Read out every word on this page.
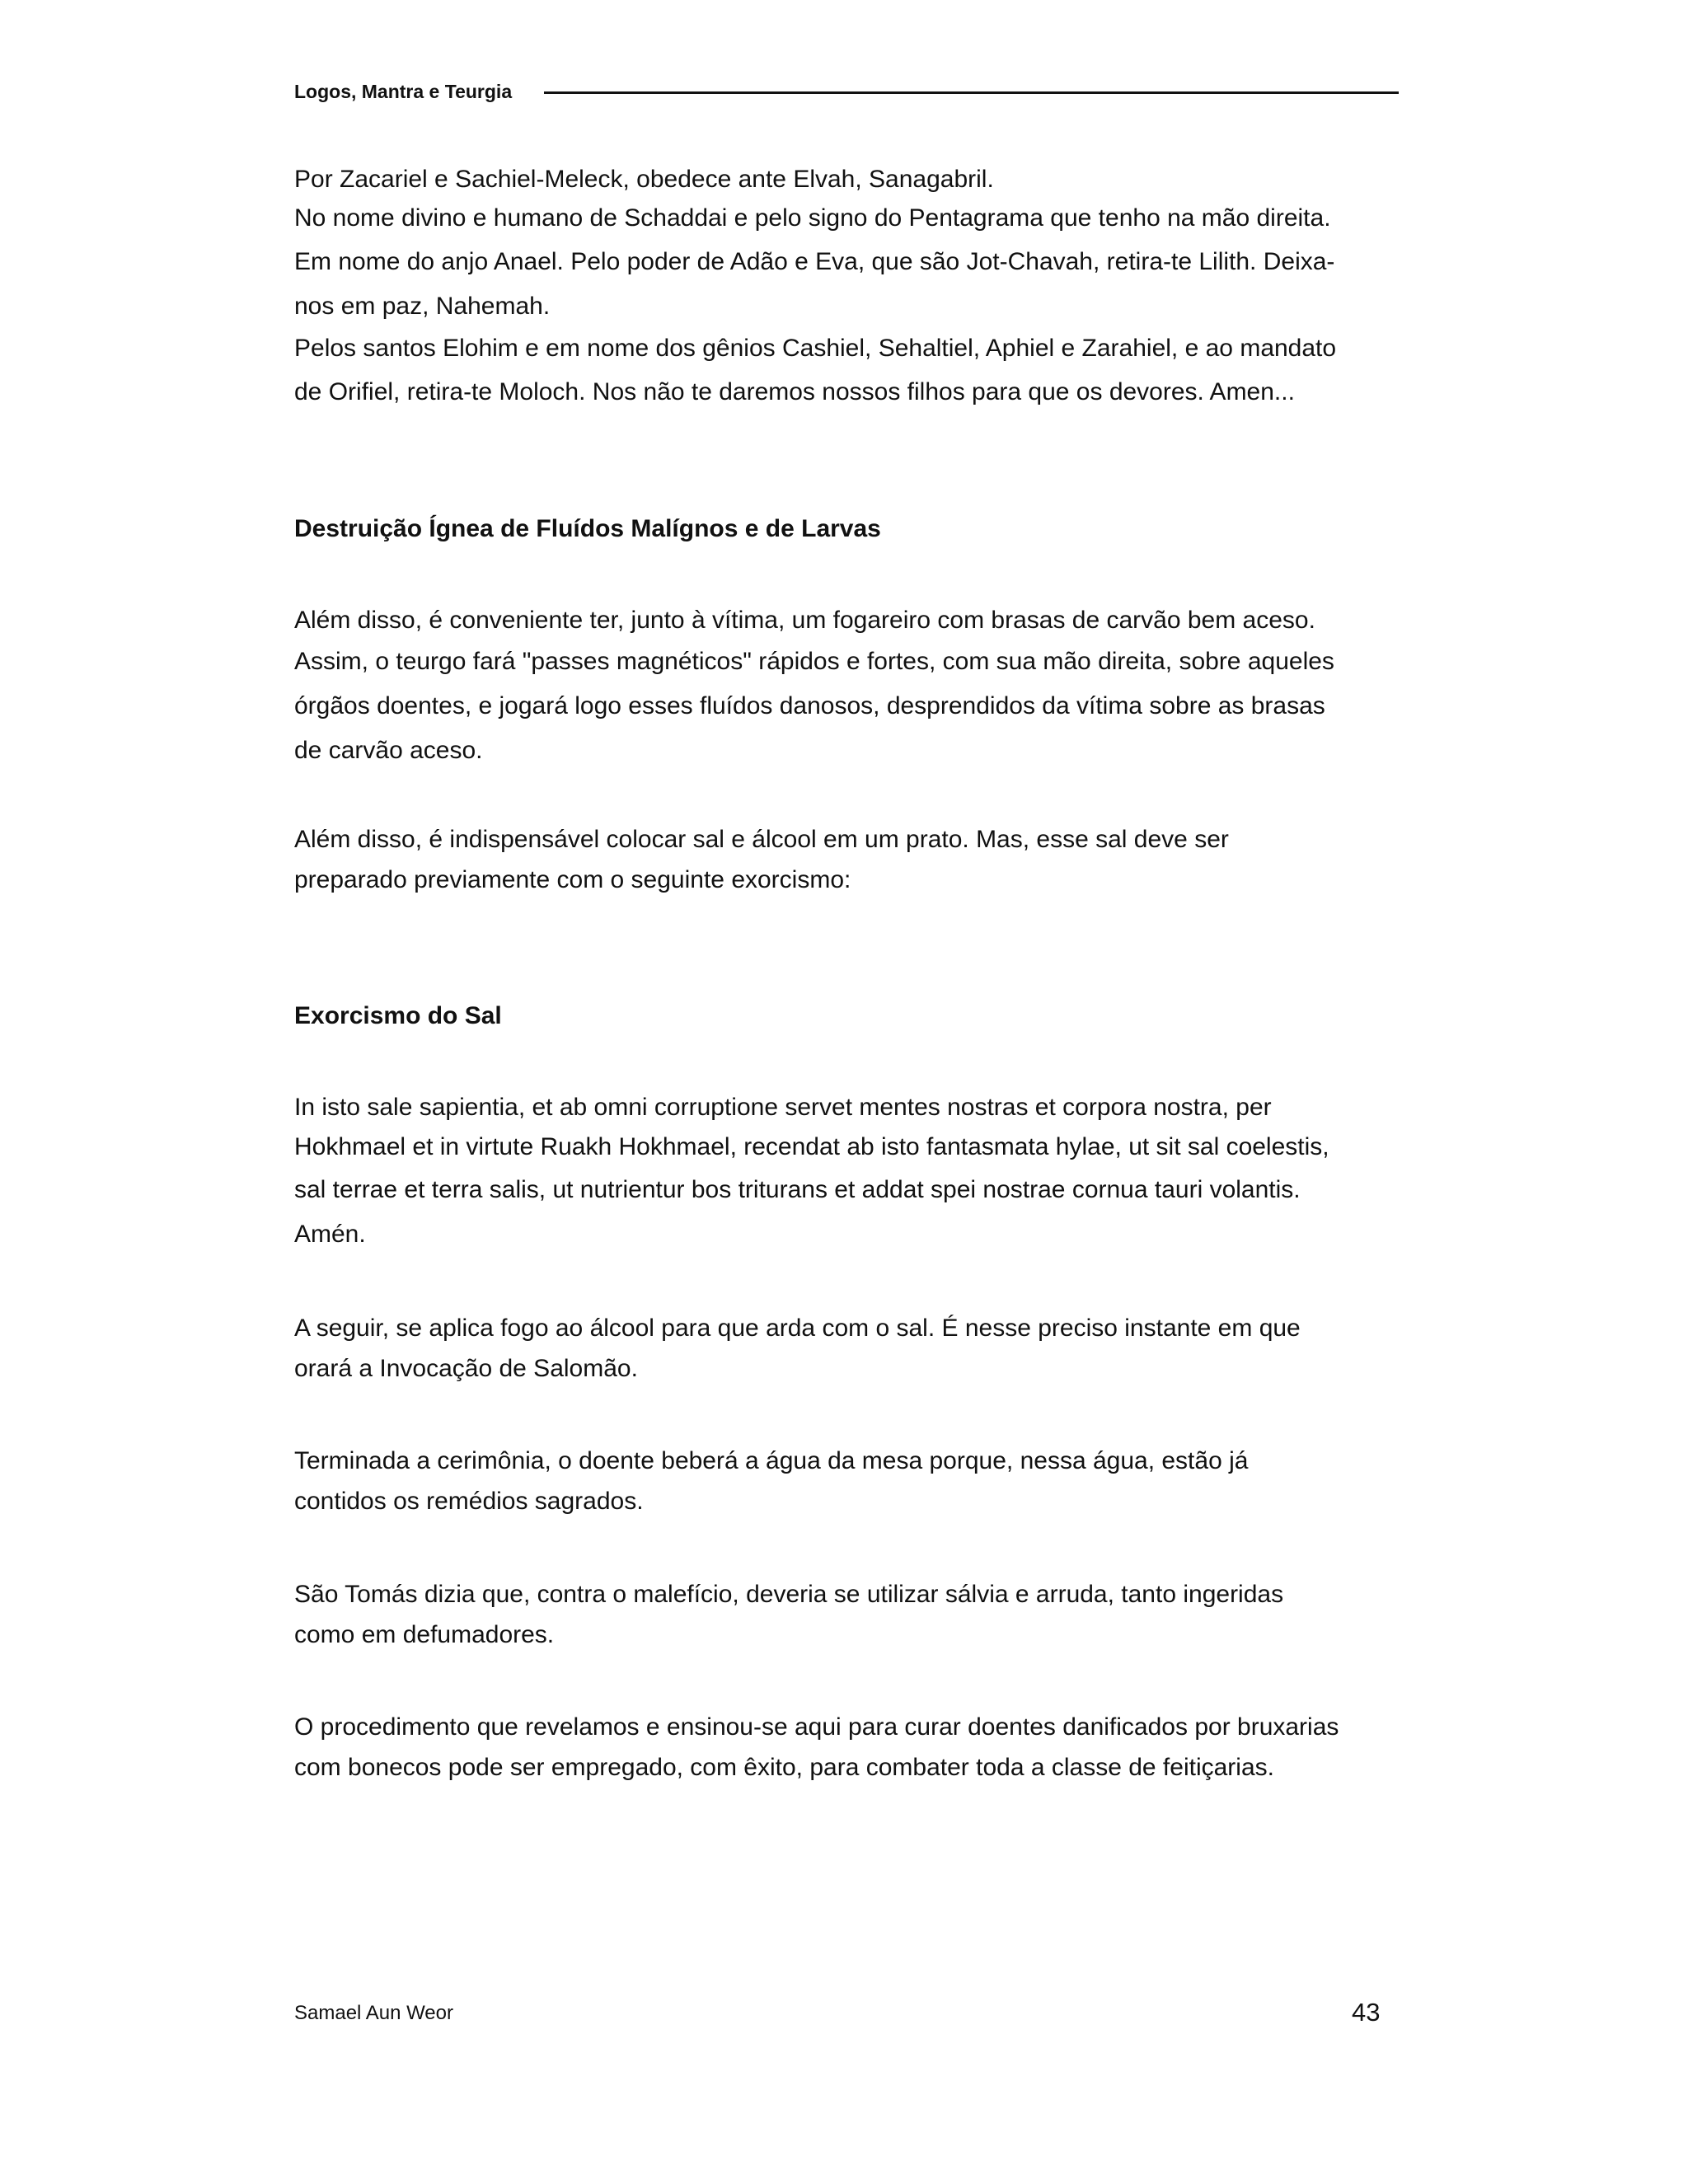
Logos, Mantra e Teurgia
Por Zacariel e Sachiel-Meleck, obedece ante Elvah, Sanagabril.
No nome divino e humano de Schaddai e pelo signo do Pentagrama que tenho na mão direita.
Em nome do anjo Anael. Pelo poder de Adão e Eva, que são Jot-Chavah, retira-te Lilith. Deixa-
nos em paz, Nahemah.
Pelos santos Elohim e em nome dos gênios Cashiel, Sehaltiel, Aphiel e Zarahiel, e ao mandato
de Orifiel, retira-te Moloch. Nos não te daremos nossos filhos para que os devores. Amen...
Destruição Ígnea de Fluídos Malígnos e de Larvas
Além disso, é conveniente ter, junto à vítima, um fogareiro com brasas de carvão bem aceso.
Assim, o teurgo fará "passes magnéticos" rápidos e fortes, com sua mão direita, sobre aqueles
órgãos doentes, e jogará logo esses fluídos danosos, desprendidos da vítima sobre as brasas
de carvão aceso.
Além disso, é indispensável colocar sal e álcool em um prato. Mas, esse sal deve ser
preparado previamente com o seguinte exorcismo:
Exorcismo do Sal
In isto sale sapientia, et ab omni corruptione servet mentes nostras et corpora nostra, per
Hokhmael et in virtute Ruakh Hokhmael, recendat ab isto fantasmata hylae, ut sit sal coelestis,
sal terrae et terra salis, ut nutrientur bos triturans et addat spei nostrae cornua tauri volantis.
Amén.
A seguir, se aplica fogo ao álcool para que arda com o sal. É nesse preciso instante em que
orará a Invocação de Salomão.
Terminada a cerimônia, o doente beberá a água da mesa porque, nessa água, estão já
contidos os remédios sagrados.
São Tomás dizia que, contra o malefício, deveria se utilizar sálvia e arruda, tanto ingeridas
como em defumadores.
O procedimento que revelamos e ensinou-se aqui para curar doentes danificados por bruxarias
com bonecos pode ser empregado, com êxito, para combater toda a classe de feitiçarias.
Samael Aun Weor	43
